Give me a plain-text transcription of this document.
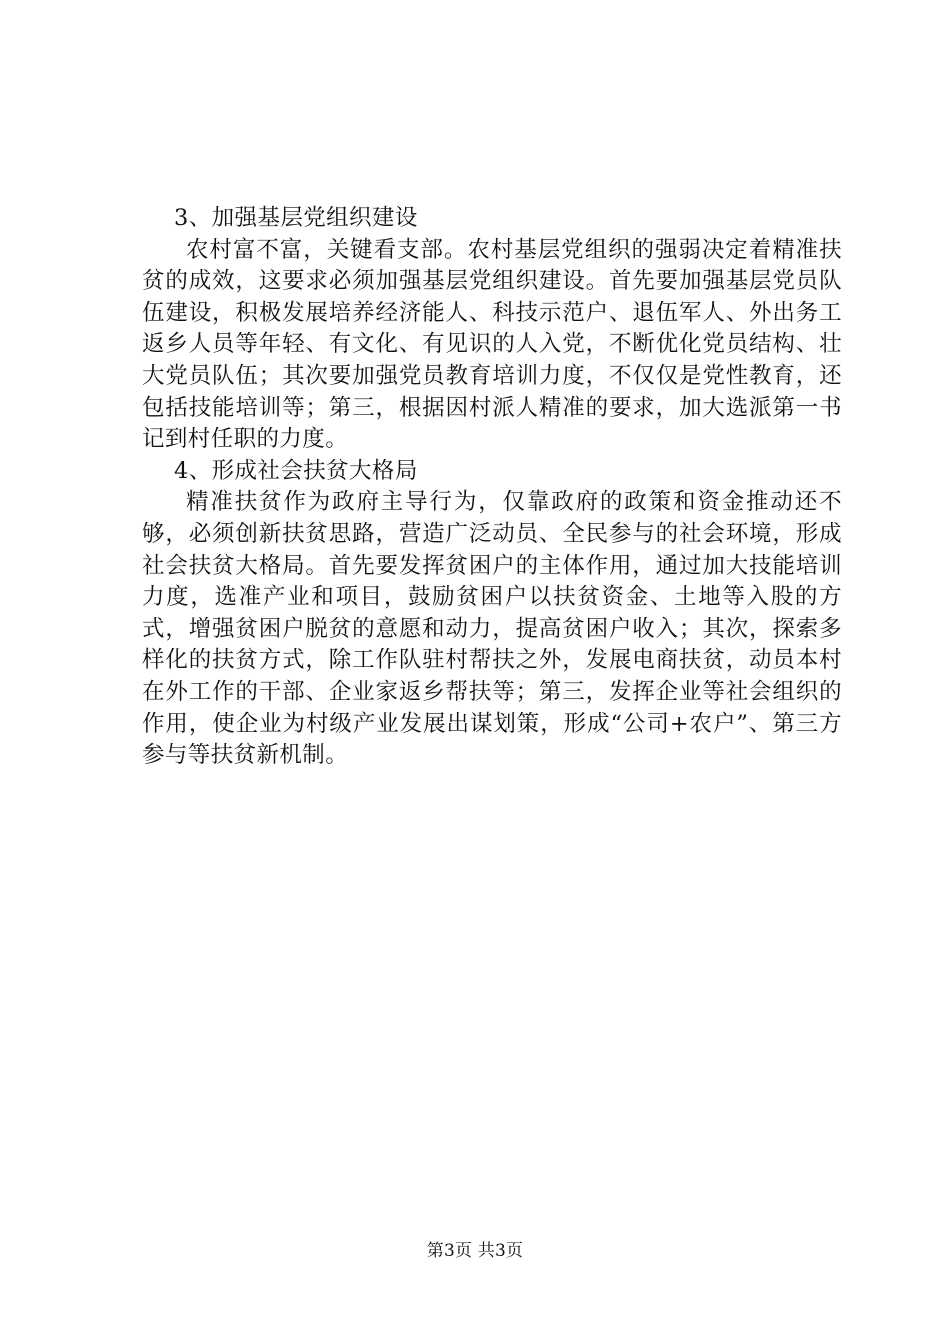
3、加强基层党组织建设

农村富不富，关键看支部。农村基层党组织的强弱决定着精准扶贫的成效，这要求必须加强基层党组织建设。首先要加强基层党员队伍建设，积极发展培养经济能人、科技示范户、退伍军人、外出务工返乡人员等年轻、有文化、有见识的人入党，不断优化党员结构、壮大党员队伍；其次要加强党员教育培训力度，不仅仅是党性教育，还包括技能培训等；第三，根据因村派人精准的要求，加大选派第一书记到村任职的力度。

4、形成社会扶贫大格局

精准扶贫作为政府主导行为，仅靠政府的政策和资金推动还不够，必须创新扶贫思路，营造广泛动员、全民参与的社会环境，形成社会扶贫大格局。首先要发挥贫困户的主体作用，通过加大技能培训力度，选准产业和项目，鼓励贫困户以扶贫资金、土地等入股的方式，增强贫困户脱贫的意愿和动力，提高贫困户收入；其次，探索多样化的扶贫方式，除工作队驻村帮扶之外，发展电商扶贫，动员本村在外工作的干部、企业家返乡帮扶等；第三，发挥企业等社会组织的作用，使企业为村级产业发展出谋划策，形成“公司+农户”、第三方参与等扶贫新机制。

第3页 共3页
